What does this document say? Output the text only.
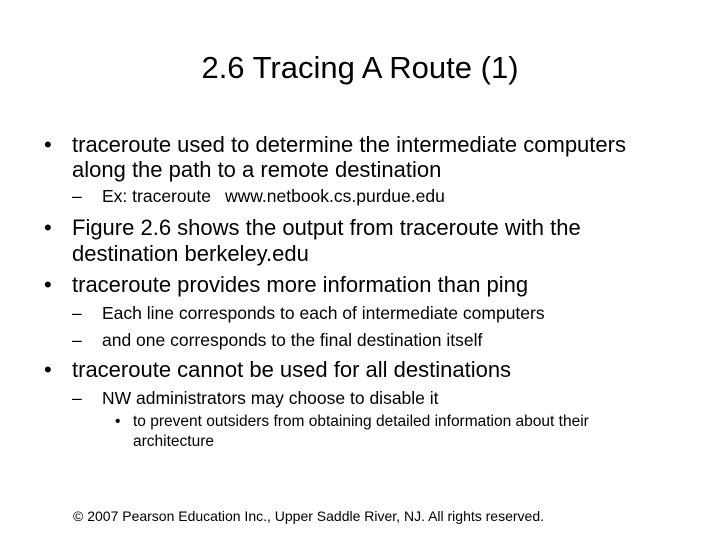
2.6 Tracing A Route (1)
• traceroute used to determine the intermediate computers
along the path to a remote destination
– Ex: traceroute www.netbook.cs.purdue.edu
• Figure 2.6 shows the output from traceroute with the
destination berkeley.edu
• traceroute provides more information than ping
– Each line corresponds to each of intermediate computers
– and one corresponds to the final destination itself
• traceroute cannot be used for all destinations
– NW administrators may choose to disable it
• to prevent outsiders from obtaining detailed information about their
architecture
© 2007 Pearson Education Inc., Upper Saddle River, NJ. All rights reserved.
